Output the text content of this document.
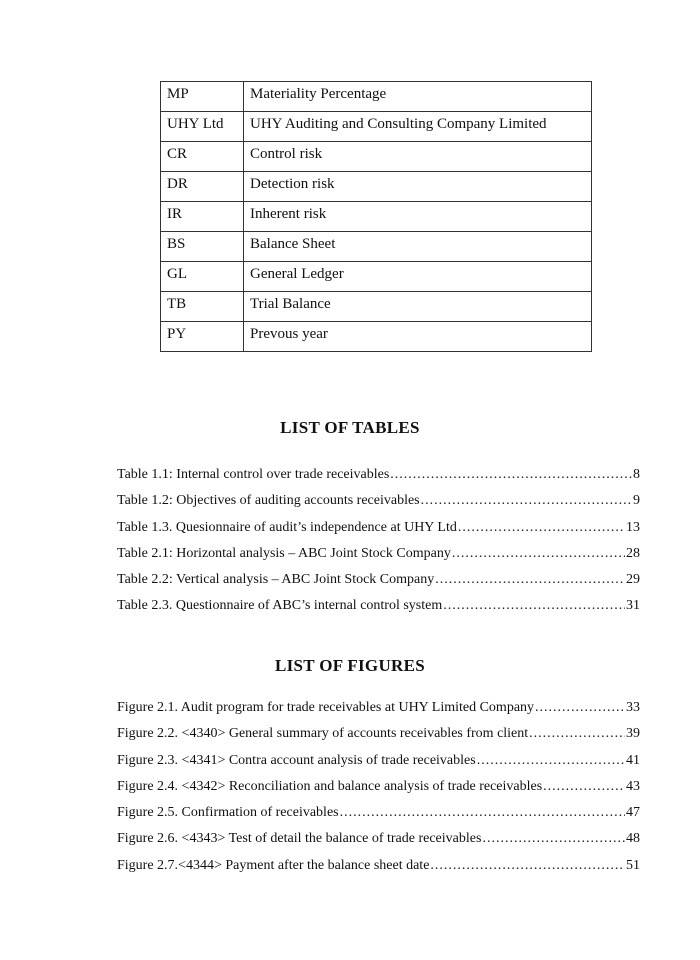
MP	Materiality Percentage
UHY Ltd	UHY Auditing and Consulting Company Limited
CR	Control risk
DR	Detection risk
IR	Inherent risk
BS	Balance Sheet
GL	General Ledger
TB	Trial Balance
PY	Prevous year
LIST OF TABLES
Table 1.1: Internal control over trade receivables .....	8
Table 1.2: Objectives of auditing accounts receivables .....	9
Table 1.3. Quesionnaire of audit’s independence at UHY Ltd .....	13
Table 2.1: Horizontal analysis – ABC Joint Stock Company .....	28
Table 2.2: Vertical analysis – ABC Joint Stock Company .....	29
Table 2.3. Questionnaire of ABC’s internal control system .....	31
LIST OF FIGURES
Figure 2.1. Audit program for trade receivables at UHY Limited Company .....	33
Figure 2.2. <4340> General summary of accounts receivables from client .....	39
Figure 2.3. <4341> Contra account analysis of trade receivables .....	41
Figure 2.4. <4342> Reconciliation and balance analysis of trade receivables .....	43
Figure 2.5. Confirmation of receivables .....	47
Figure 2.6. <4343> Test of detail the balance of trade receivables .....	48
Figure 2.7.<4344> Payment after the balance sheet date .....	51
